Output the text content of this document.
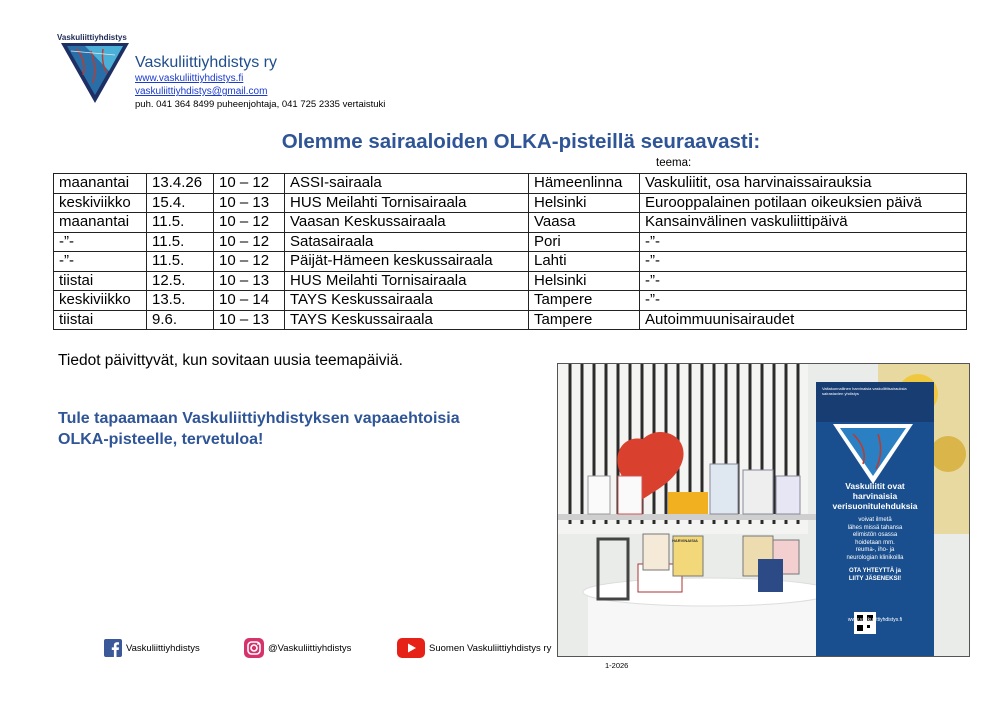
Vaskuliittiyhdistys
Vaskuliittiyhdistys ry
www.vaskuliittiyhdistys.fi
vaskuliittiyhdistys@gmail.com
puh. 041 364 8499 puheenjohtaja, 041 725 2335 vertaistuki
Olemme sairaaloiden OLKA-pisteillä seuraavasti:
teema:
maanantai	13.4.26	10 – 12	ASSI-sairaala	Hämeenlinna	Vaskuliitit, osa harvinaissairauksia
keskiviikko	15.4.	10 – 13	HUS Meilahti Tornisairaala	Helsinki	Eurooppalainen potilaan oikeuksien päivä
maanantai	11.5.	10 – 12	Vaasan Keskussairaala	Vaasa	Kansainvälinen vaskuliittipäivä
-”-	11.5.	10 – 12	Satasairaala	Pori	-”-
-”-	11.5.	10 – 12	Päijät-Hämeen keskussairaala	Lahti	-”-
tiistai	12.5.	10 – 13	HUS Meilahti Tornisairaala	Helsinki	-”-
keskiviikko	13.5.	10 – 14	TAYS Keskussairaala	Tampere	-”-
tiistai	9.6.	10 – 13	TAYS Keskussairaala	Tampere	Autoimmuunisairaudet
Tiedot päivittyvät, kun sovitaan uusia teemapäiviä.
Tule tapaamaan Vaskuliittiyhdistyksen vapaaehtoisia
OLKA-pisteelle, tervetuloa!
Valtakunnallinen harvinaisia vaskuliittisairauksia sairastavien yhdistys
Vaskuliitit ovat
harvinaisia
verisuonitulehduksia
voivat ilmetä
lähes missä tahansa
elimistön osassa
hoidetaan mm.
reuma-, iho- ja
neurologian klinikoilla
OTA YHTEYTTÄ ja
LIITY JÄSENEKSI!
www.vaskuliittiyhdistys.fi
HARVINAISIA
Vaskuliittiyhdistys	@Vaskuliittiyhdistys	Suomen Vaskuliittiyhdistys ry
1-2026
